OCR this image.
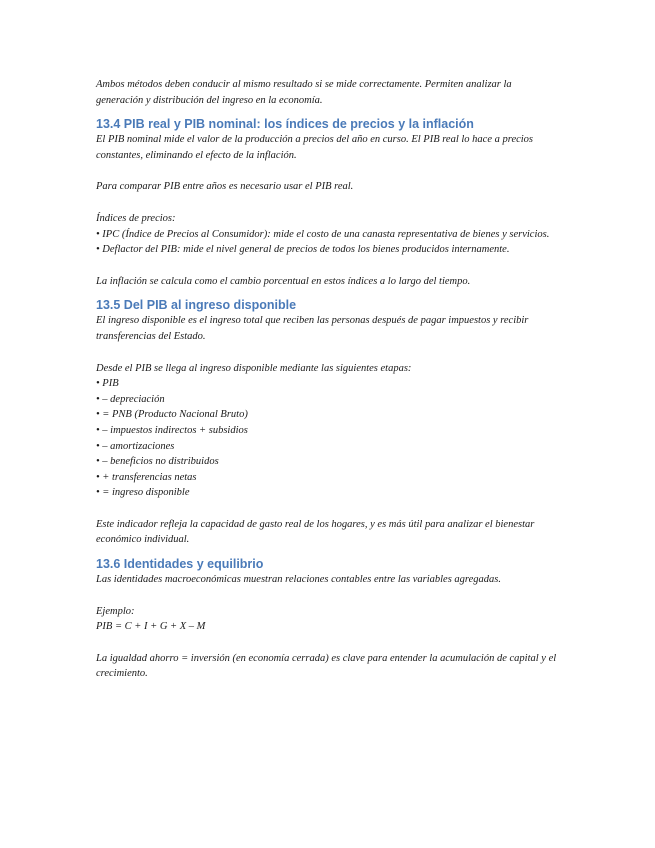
Ambos métodos deben conducir al mismo resultado si se mide correctamente. Permiten analizar la generación y distribución del ingreso en la economía.

13.4 PIB real y PIB nominal: los índices de precios y la inflación

El PIB nominal mide el valor de la producción a precios del año en curso. El PIB real lo hace a precios constantes, eliminando el efecto de la inflación.

Para comparar PIB entre años es necesario usar el PIB real.

Índices de precios:

• IPC (Índice de Precios al Consumidor): mide el costo de una canasta representativa de bienes y servicios.

• Deflactor del PIB: mide el nivel general de precios de todos los bienes producidos internamente.

La inflación se calcula como el cambio porcentual en estos índices a lo largo del tiempo.

13.5 Del PIB al ingreso disponible

El ingreso disponible es el ingreso total que reciben las personas después de pagar impuestos y recibir transferencias del Estado.

Desde el PIB se llega al ingreso disponible mediante las siguientes etapas:

• PIB

• – depreciación

• = PNB (Producto Nacional Bruto)

• – impuestos indirectos + subsidios

• – amortizaciones

• – beneficios no distribuidos

• + transferencias netas

• = ingreso disponible

Este indicador refleja la capacidad de gasto real de los hogares, y es más útil para analizar el bienestar económico individual.

13.6 Identidades y equilibrio

Las identidades macroeconómicas muestran relaciones contables entre las variables agregadas.

Ejemplo:

PIB = C + I + G + X – M

La igualdad ahorro = inversión (en economía cerrada) es clave para entender la acumulación de capital y el crecimiento.
